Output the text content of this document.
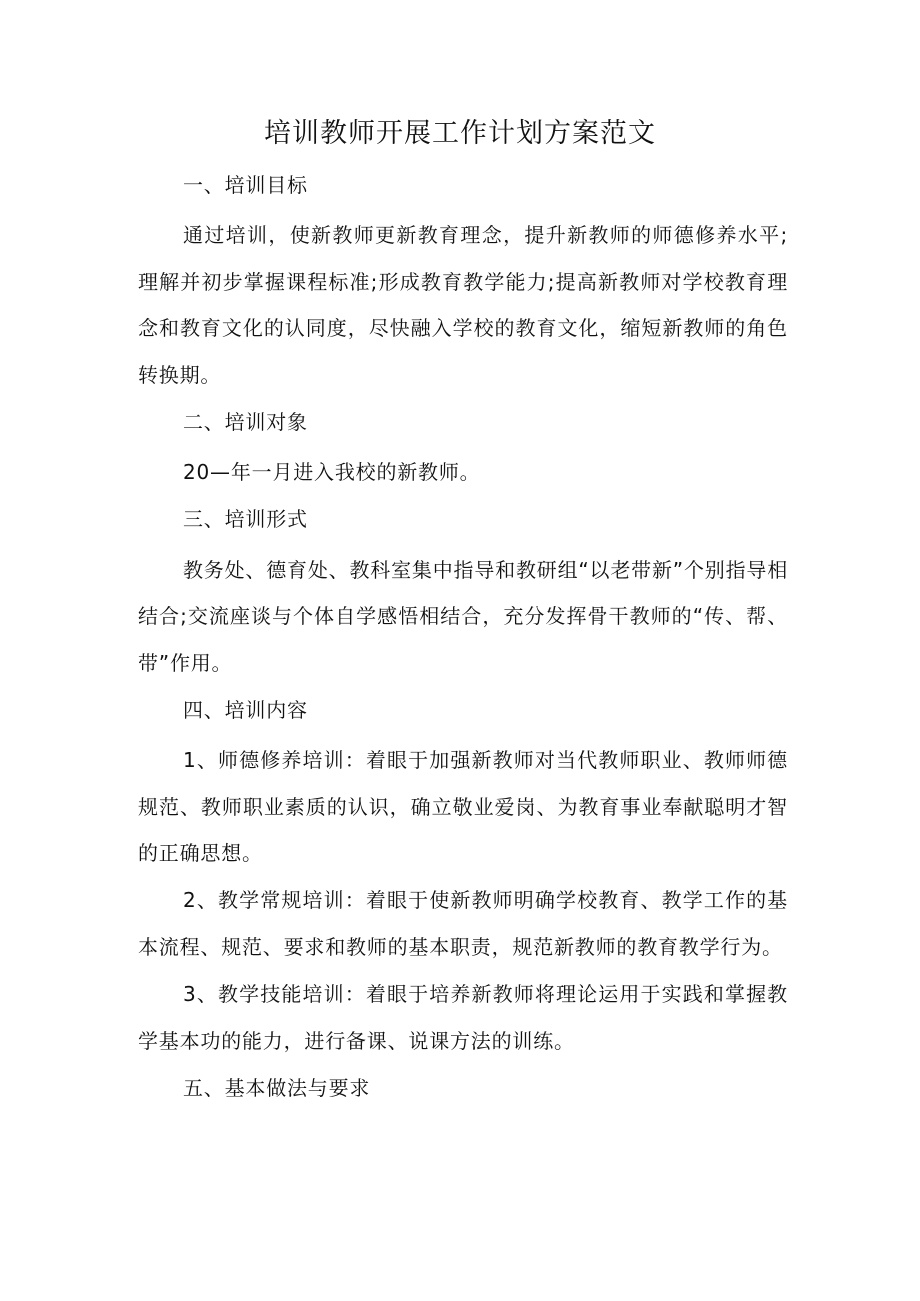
培训教师开展工作计划方案范文

一、培训目标

通过培训，使新教师更新教育理念，提升新教师的师德修养水平;理解并初步掌握课程标准;形成教育教学能力;提高新教师对学校教育理念和教育文化的认同度，尽快融入学校的教育文化，缩短新教师的角色转换期。

二、培训对象

20—年一月进入我校的新教师。

三、培训形式

教务处、德育处、教科室集中指导和教研组“以老带新”个别指导相结合;交流座谈与个体自学感悟相结合，充分发挥骨干教师的“传、帮、带”作用。

四、培训内容

1、师德修养培训：着眼于加强新教师对当代教师职业、教师师德规范、教师职业素质的认识，确立敬业爱岗、为教育事业奉献聪明才智的正确思想。

2、教学常规培训：着眼于使新教师明确学校教育、教学工作的基本流程、规范、要求和教师的基本职责，规范新教师的教育教学行为。

3、教学技能培训：着眼于培养新教师将理论运用于实践和掌握教学基本功的能力，进行备课、说课方法的训练。

五、基本做法与要求
